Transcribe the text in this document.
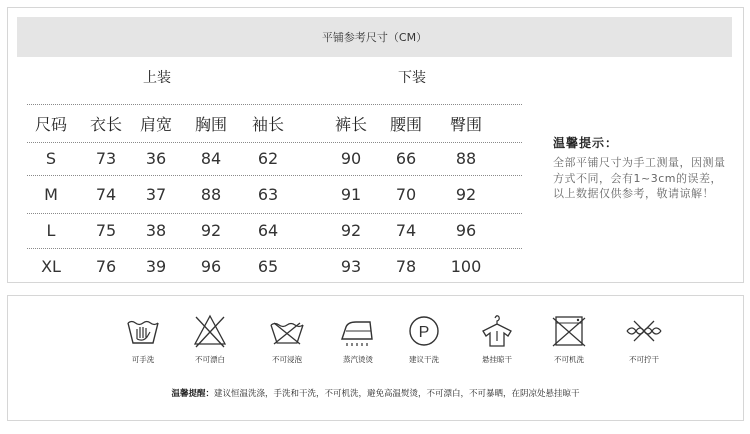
平铺参考尺寸（CM）
上装	下装
尺码	衣长	肩宽	胸围	袖长	裤长	腰围	臀围
S	73	36	84	62	90	66	88
M	74	37	88	63	91	70	92
L	75	38	92	64	92	74	96
XL	76	39	96	65	93	78	100
温馨提示：
全部平铺尺寸为手工测量，因测量方式不同，会有1~3cm的误差，以上数据仅供参考，敬请谅解！
可手洗	不可漂白	不可浸泡	蒸汽烫烫
P
建议干洗	悬挂晾干	不可机洗	不可拧干
温馨提醒：建议恒温洗涤，手洗和干洗，不可机洗，避免高温熨烫，不可漂白，不可暴晒，在阴凉处悬挂晾干
